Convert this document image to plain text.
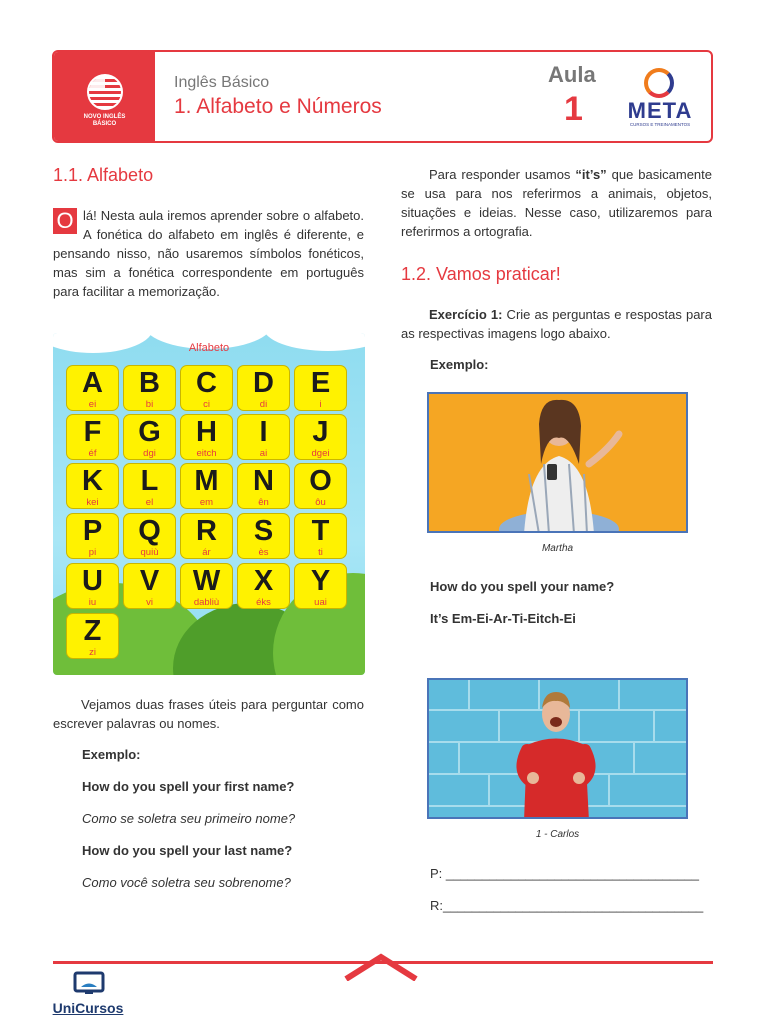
NOVO INGLÊS
BÁSICO
Inglês Básico
1. Alfabeto e Números
Aula
1	META
CURSOS E TREINAMENTOS
1.1. Alfabeto
O lá! Nesta aula iremos aprender sobre o alfabeto. A fonética do alfabeto em inglês é diferente, e pensando nisso, não usaremos símbolos fonéticos, mas sim a fonética correspondente em português para facilitar a memorização.
Alfabeto
A
ei
B
bi
C
ci
D
di
E
i
F
éf
G
dgi
H
eitch
I
ai
J
dgei
K
kei
L
el
M
em
N
ên
O
ôu
P
pi
Q
quiù
R
ár
S
ès
T
ti
U
iu
V
vi
W
dabliù
X
éks
Y
uai
Z
zi
Vejamos duas frases úteis para perguntar como escrever palavras ou nomes.
Exemplo:
How do you spell your first name?
Como se soletra seu primeiro nome?
How do you spell your last name?
Como você soletra seu sobrenome?
Para responder usamos “it’s” que basicamente se usa para nos referirmos a animais, objetos, situações e ideias. Nesse caso, utilizaremos para referirmos a ortografia.
1.2. Vamos praticar!
Exercício 1: Crie as perguntas e respostas para as respectivas imagens logo abaixo.
Exemplo:
Martha
How do you spell your name?
It’s Em-Ei-Ar-Ti-Eitch-Ei
1 - Carlos
P: ___________________________________
R:____________________________________
UniCursos
